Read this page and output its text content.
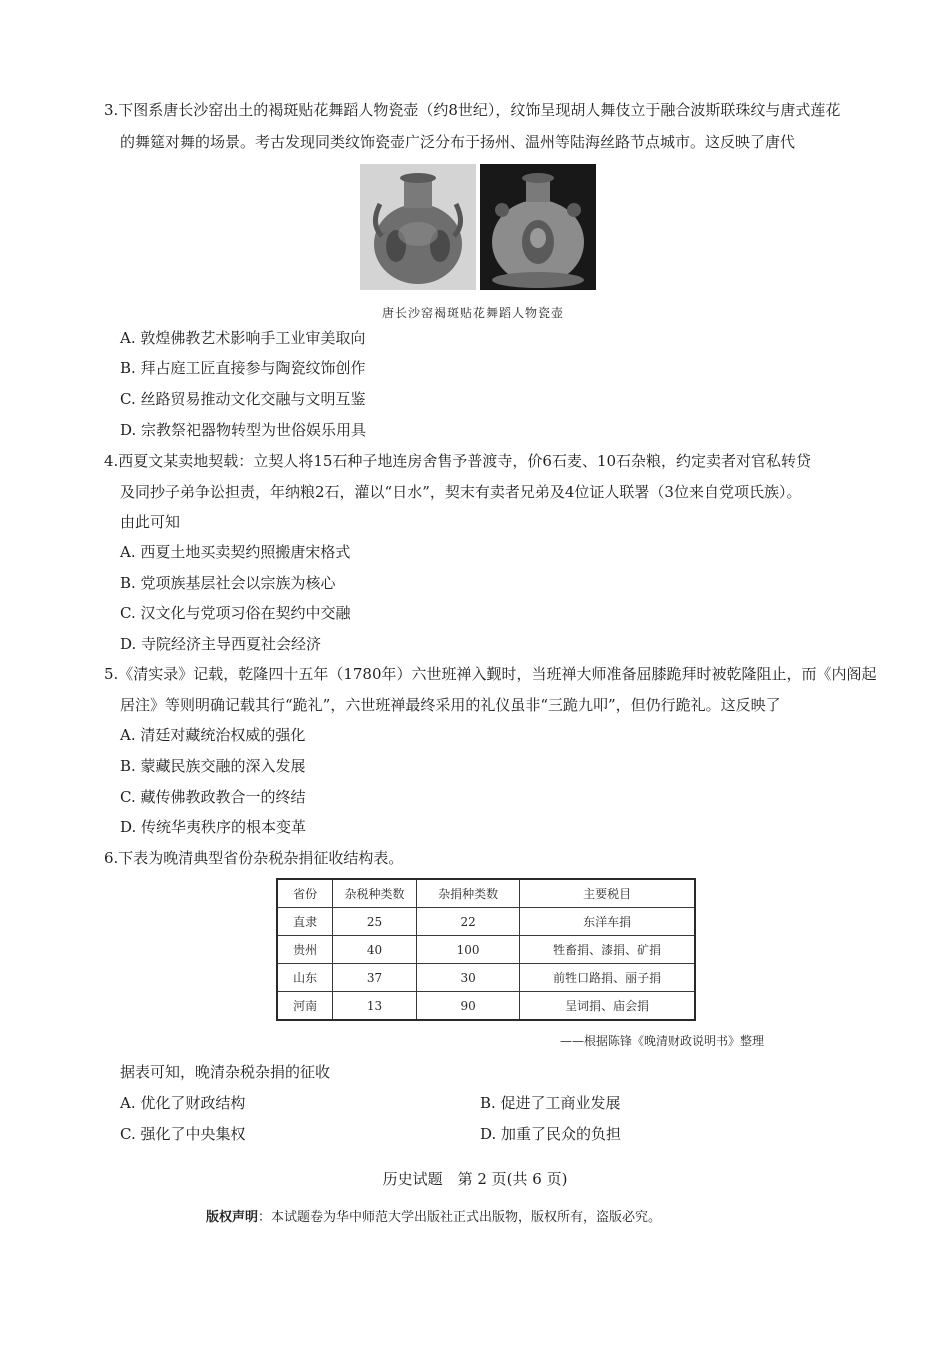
3.下图系唐长沙窑出土的褐斑贴花舞蹈人物瓷壶（约8世纪），纹饰呈现胡人舞伎立于融合波斯联珠纹与唐式莲花
的舞筵对舞的场景。考古发现同类纹饰瓷壶广泛分布于扬州、温州等陆海丝路节点城市。这反映了唐代
唐长沙窑褐斑贴花舞蹈人物瓷壶
A. 敦煌佛教艺术影响手工业审美取向
B. 拜占庭工匠直接参与陶瓷纹饰创作
C. 丝路贸易推动文化交融与文明互鉴
D. 宗教祭祀器物转型为世俗娱乐用具
4.西夏文某卖地契载：立契人将15石种子地连房舍售予普渡寺，价6石麦、10石杂粮，约定卖者对官私转贷
及同抄子弟争讼担责，年纳粮2石，灌以“日水”，契末有卖者兄弟及4位证人联署（3位来自党项氏族）。
由此可知
A. 西夏土地买卖契约照搬唐宋格式
B. 党项族基层社会以宗族为核心
C. 汉文化与党项习俗在契约中交融
D. 寺院经济主导西夏社会经济
5.《清实录》记载，乾隆四十五年（1780年）六世班禅入觐时，当班禅大师准备屈膝跪拜时被乾隆阻止，而《内阁起
居注》等则明确记载其行“跪礼”，六世班禅最终采用的礼仪虽非“三跪九叩”，但仍行跪礼。这反映了
A. 清廷对藏统治权威的强化
B. 蒙藏民族交融的深入发展
C. 藏传佛教政教合一的终结
D. 传统华夷秩序的根本变革
6.下表为晚清典型省份杂税杂捐征收结构表。
省份	杂税种类数	杂捐种类数	主要税目
直隶	25	22	东洋车捐
贵州	40	100	牲畜捐、漆捐、矿捐
山东	37	30	前牲口路捐、丽子捐
河南	13	90	呈词捐、庙会捐
——根据陈锋《晚清财政说明书》整理
据表可知，晚清杂税杂捐的征收
A. 优化了财政结构	B. 促进了工商业发展
C. 强化了中央集权	D. 加重了民众的负担
历史试题　第 2 页(共 6 页)
版权声明：本试题卷为华中师范大学出版社正式出版物，版权所有，盗版必究。
